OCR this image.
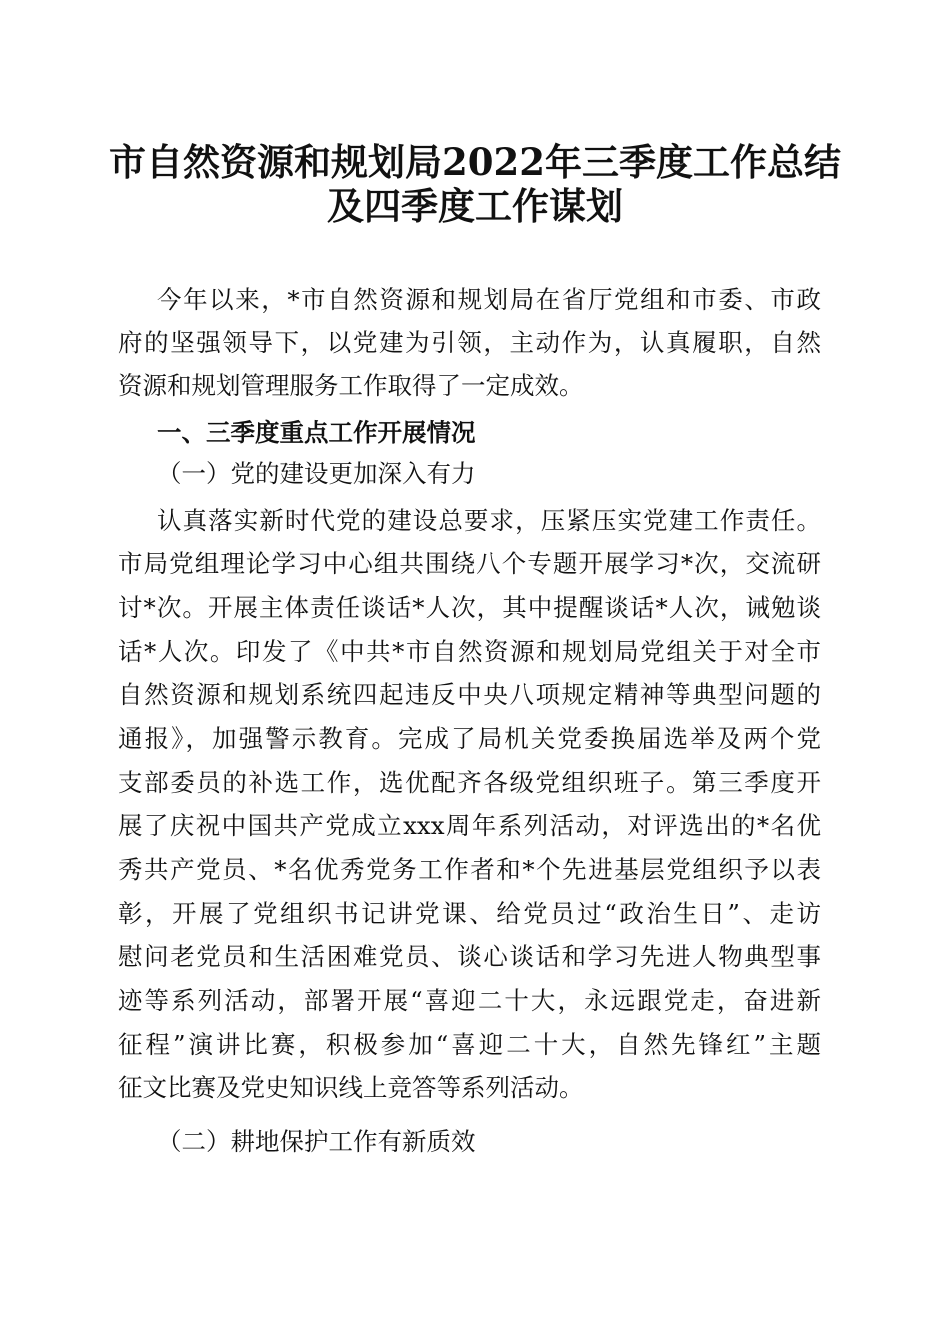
市自然资源和规划局2022年三季度工作总结
及四季度工作谋划
今年以来，*市自然资源和规划局在省厅党组和市委、市政
府的坚强领导下，以党建为引领，主动作为，认真履职，自然
资源和规划管理服务工作取得了一定成效。
一、三季度重点工作开展情况
（一）党的建设更加深入有力
认真落实新时代党的建设总要求，压紧压实党建工作责任。
市局党组理论学习中心组共围绕八个专题开展学习*次，交流研
讨*次。开展主体责任谈话*人次，其中提醒谈话*人次，诫勉谈
话*人次。印发了《中共*市自然资源和规划局党组关于对全市
自然资源和规划系统四起违反中央八项规定精神等典型问题的
通报》，加强警示教育。完成了局机关党委换届选举及两个党
支部委员的补选工作，选优配齐各级党组织班子。第三季度开
展了庆祝中国共产党成立xxx周年系列活动，对评选出的*名优
秀共产党员、*名优秀党务工作者和*个先进基层党组织予以表
彰，开展了党组织书记讲党课、给党员过“政治生日”、走访
慰问老党员和生活困难党员、谈心谈话和学习先进人物典型事
迹等系列活动，部署开展“喜迎二十大，永远跟党走，奋进新
征程”演讲比赛，积极参加“喜迎二十大，自然先锋红”主题
征文比赛及党史知识线上竞答等系列活动。
（二）耕地保护工作有新质效
